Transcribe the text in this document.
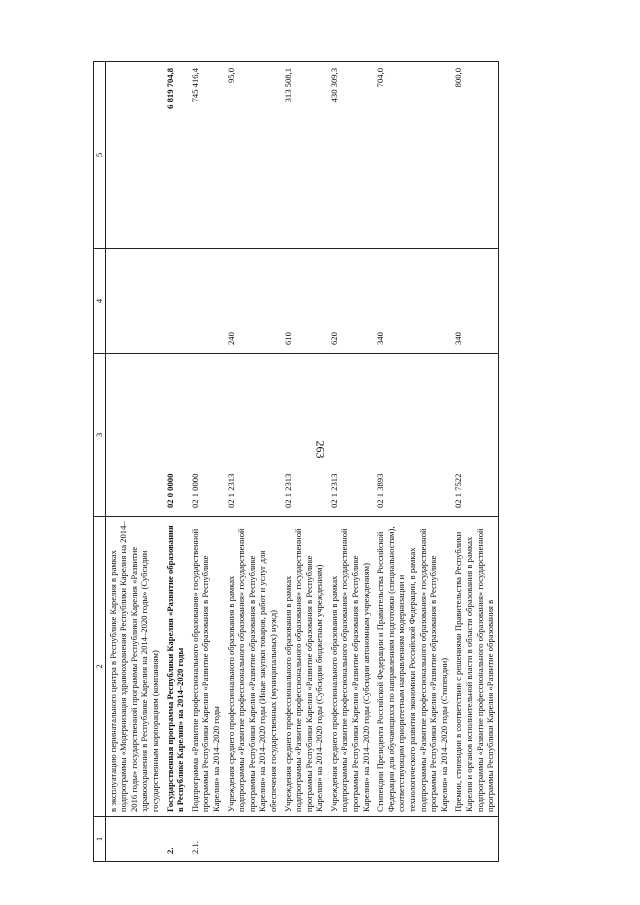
263
1	2	3	4	5
	в эксплуатацию перинатального центра в Республике Карелия в рамках подпрограммы «Модернизация здравоохранения Республики Карелия на 2014–2016 годы» государственной программы Республики Карелия «Развитие здравоохранения в Республике Карелия на 2014–2020 годы» (Субсидии государственным корпорациям (компаниям)			
2.	Государственная программа Республики Карелия «Развитие образования в Республике Карелия» на 2014–2020 годы	02 0 0000		6 819 704,8
2.1.	Подпрограмма «Развитие профессионального образования» государственной программы Республики Карелия «Развитие образования в Республике Карелия» на 2014–2020 годы	02 1 0000		745 416,4
	Учреждения среднего профессионального образования в рамках подпрограммы «Развитие профессионального образования» государственной программы Республики Карелия «Развитие образования в Республике Карелия» на 2014–2020 годы (Иные закупки товаров, работ и услуг для обеспечения государственных (муниципальных) нужд)	02 1 2313	240	95,0
	Учреждения среднего профессионального образования в рамках подпрограммы «Развитие профессионального образования» государственной программы Республики Карелия «Развитие образования в Республике Карелия» на 2014–2020 годы (Субсидии бюджетным учреждениям)	02 1 2313	610	313 508,1
	Учреждения среднего профессионального образования в рамках подпрограммы «Развитие профессионального образования» государственной программы Республики Карелия «Развитие образования в Республике Карелия» на 2014–2020 годы (Субсидии автономным учреждениям)	02 1 2313	620	430 309,3
	Стипендии Президента Российской Федерации и Правительства Российской Федерации для обучающихся по направлениям подготовки (специальностям), соответствующим приоритетным направлениям модернизации и технологического развития экономики Российской Федерации, в рамках подпрограммы «Развитие профессионального образования» государственной программы Республики Карелия «Развитие образования в Республике Карелия» на 2014–2020 годы (Стипендии)	02 1 3893	340	704,0
	Премии, стипендии в соответствии с решениями Правительства Республики Карелия и органов исполнительной власти в области образования в рамках подпрограммы «Развитие профессионального образования» государственной программы Республики Карелия «Развитие образования в	02 1 7522	340	800,0
